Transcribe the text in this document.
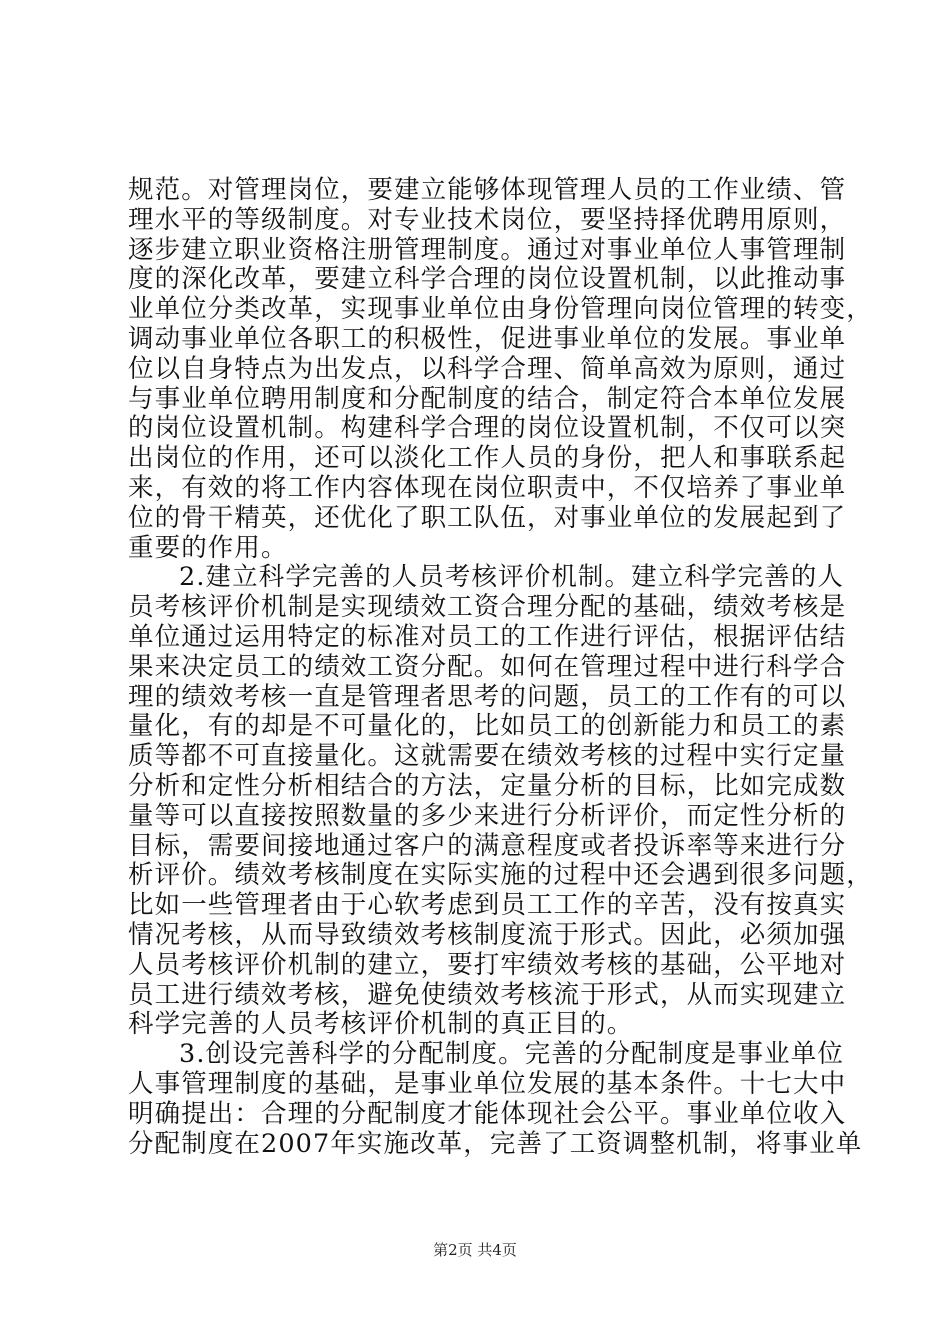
规范。对管理岗位，要建立能够体现管理人员的工作业绩、管
理水平的等级制度。对专业技术岗位，要坚持择优聘用原则，
逐步建立职业资格注册管理制度。通过对事业单位人事管理制
度的深化改革，要建立科学合理的岗位设置机制，以此推动事
业单位分类改革，实现事业单位由身份管理向岗位管理的转变，
调动事业单位各职工的积极性，促进事业单位的发展。事业单
位以自身特点为出发点，以科学合理、简单高效为原则，通过
与事业单位聘用制度和分配制度的结合，制定符合本单位发展
的岗位设置机制。构建科学合理的岗位设置机制，不仅可以突
出岗位的作用，还可以淡化工作人员的身份，把人和事联系起
来，有效的将工作内容体现在岗位职责中，不仅培养了事业单
位的骨干精英，还优化了职工队伍，对事业单位的发展起到了
重要的作用。
2.建立科学完善的人员考核评价机制。建立科学完善的人
员考核评价机制是实现绩效工资合理分配的基础，绩效考核是
单位通过运用特定的标准对员工的工作进行评估，根据评估结
果来决定员工的绩效工资分配。如何在管理过程中进行科学合
理的绩效考核一直是管理者思考的问题，员工的工作有的可以
量化，有的却是不可量化的，比如员工的创新能力和员工的素
质等都不可直接量化。这就需要在绩效考核的过程中实行定量
分析和定性分析相结合的方法，定量分析的目标，比如完成数
量等可以直接按照数量的多少来进行分析评价，而定性分析的
目标，需要间接地通过客户的满意程度或者投诉率等来进行分
析评价。绩效考核制度在实际实施的过程中还会遇到很多问题，
比如一些管理者由于心软考虑到员工工作的辛苦，没有按真实
情况考核，从而导致绩效考核制度流于形式。因此，必须加强
人员考核评价机制的建立，要打牢绩效考核的基础，公平地对
员工进行绩效考核，避免使绩效考核流于形式，从而实现建立
科学完善的人员考核评价机制的真正目的。
3.创设完善科学的分配制度。完善的分配制度是事业单位
人事管理制度的基础，是事业单位发展的基本条件。十七大中
明确提出：合理的分配制度才能体现社会公平。事业单位收入
分配制度在2007年实施改革，完善了工资调整机制，将事业单
第2页 共4页
